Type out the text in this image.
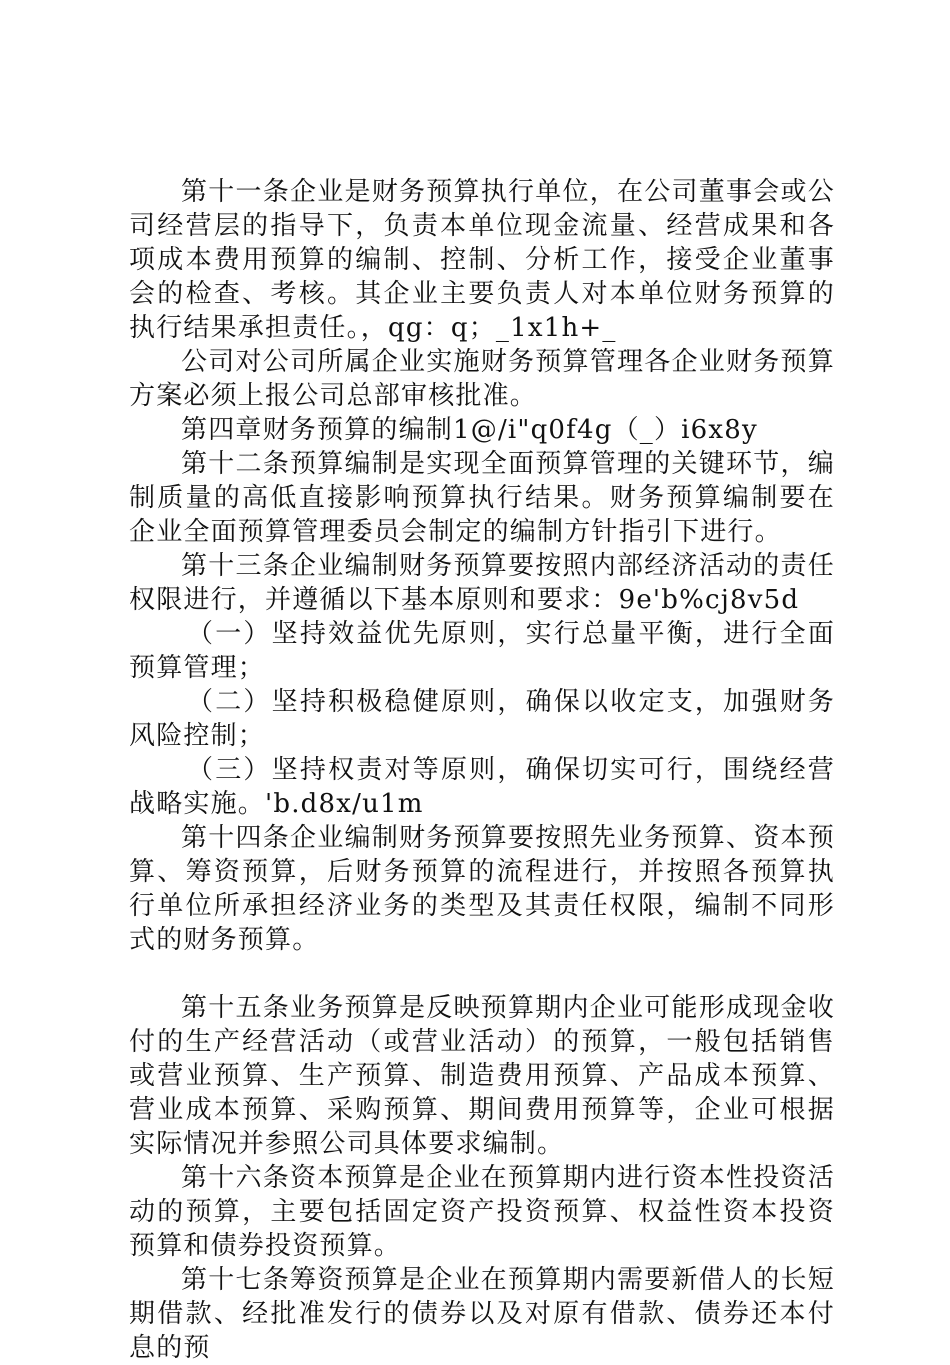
第十一条企业是财务预算执行单位，在公司董事会或公司经营层的指导下，负责本单位现金流量、经营成果和各项成本费用预算的编制、控制、分析工作，接受企业董事会的检查、考核。其企业主要负责人对本单位财务预算的执行结果承担责任。，qg：q；_1x1h+_

公司对公司所属企业实施财务预算管理各企业财务预算方案必须上报公司总部审核批准。

第四章财务预算的编制1@/i"q0f4g（_）i6x8y

第十二条预算编制是实现全面预算管理的关键环节，编制质量的高低直接影响预算执行结果。财务预算编制要在企业全面预算管理委员会制定的编制方针指引下进行。

第十三条企业编制财务预算要按照内部经济活动的责任权限进行，并遵循以下基本原则和要求：9e'b%cj8v5d

（一）坚持效益优先原则，实行总量平衡，进行全面预算管理；

（二）坚持积极稳健原则，确保以收定支，加强财务风险控制；

（三）坚持权责对等原则，确保切实可行，围绕经营战略实施。'b.d8x/u1m

第十四条企业编制财务预算要按照先业务预算、资本预算、筹资预算，后财务预算的流程进行，并按照各预算执行单位所承担经济业务的类型及其责任权限，编制不同形式的财务预算。

第十五条业务预算是反映预算期内企业可能形成现金收付的生产经营活动（或营业活动）的预算，一般包括销售或营业预算、生产预算、制造费用预算、产品成本预算、营业成本预算、采购预算、期间费用预算等，企业可根据实际情况并参照公司具体要求编制。

第十六条资本预算是企业在预算期内进行资本性投资活动的预算，主要包括固定资产投资预算、权益性资本投资预算和债券投资预算。

第十七条筹资预算是企业在预算期内需要新借人的长短期借款、经批准发行的债券以及对原有借款、债券还本付息的预
